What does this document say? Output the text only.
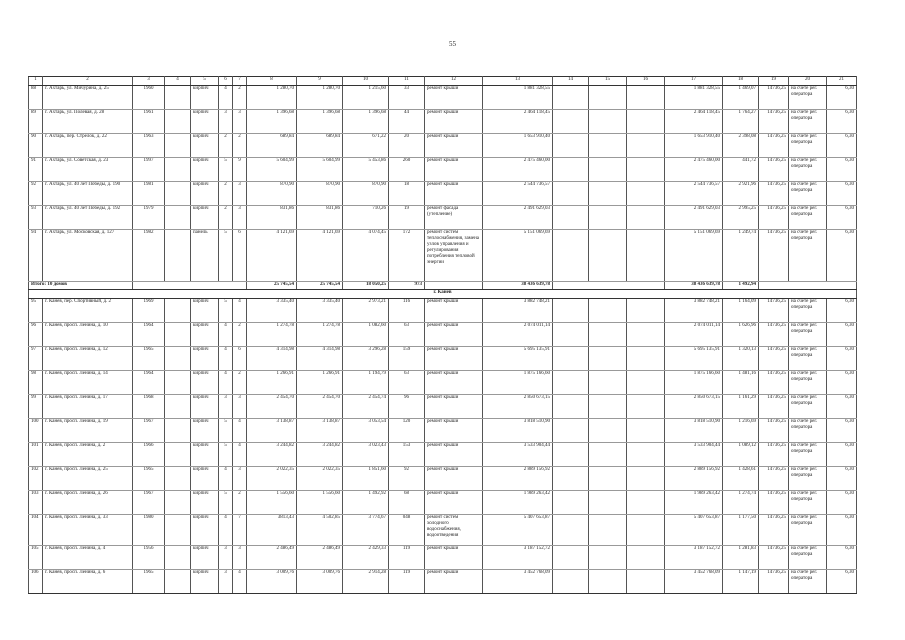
55
1	2	3	4	5	6	7	8	9	10	11	12	13	14	15	16	17	18	19	20	21
88	г. Ахтарь, ул. Мичурина, д. 25	1960		кирпич	4	2	1 280,70	1 280,70	1 215,60	33	ремонт крыши	1 881 328,55				1 881 328,55	1 469,07	14736,25	на счете рег. оператора	6,30
89	г. Ахтарь, ул. Полевая, д. 28	1961		кирпич	3	3	1 396,68	1 396,68	1 396,68	44	ремонт крыши	2 464 118,45				2 464 118,45	1 764,27	14736,25	на счете рег. оператора	6,30
90	г. Ахтарь, пер. Стрелок, д. 22	1963		кирпич	2	2	689,84	689,84	671,22	20	ремонт крыши	1 653 910,40				1 653 910,40	2 398,08	14736,25	на счете рег. оператора	6,30
91	г. Ахтарь, ул. Советская, д. 23	1997		кирпич	5	9	5 604,99	5 604,99	5 453,86	260	ремонт крыши	2 475 460,00				2 475 460,00	441,72	14736,25	на счете рег. оператора	6,30
92	г. Ахтарь, ул. 40 лет Победы, д. 190	1981		кирпич	2	3	870,90	870,90	870,90	18	ремонт крыши	2 544 736,57				2 544 736,57	2 921,96	14736,25	на счете рег. оператора	6,30
93	г. Ахтарь, ул. 40 лет Победы, д. 192	1979		кирпич	2	3	831,86	831,86	710,26	19	ремонт фасада (утепление)	2 491 629,03				2 491 629,03	2 995,25	14736,25	на счете рег. оператора	6,30
94	г. Ахтарь, ул. Московская, д. 127	1982		панель	5	6	4 121,69	4 121,69	4 074,45	172	ремонт систем теплоснабжения, замена узлов управления и регулирования потребления тепловой энергии	5 151 069,69				5 151 069,69	1 249,74	14736,25	на счете рег. оператора	6,30
Итого: 10 домов							25 745,54	25 745,54	18 050,25	973		38 436 639,78				38 436 639,78	1 492,94			
г. Канев																				
95	г. Канев, пер. Спортивный, д. 2	1969		кирпич	5	4	3 335,40	3 335,40	2 973,21	116	ремонт крыши	3 882 748,21				3 882 748,21	1 164,09	14736,25	на счете рег. оператора	6,30
96	г. Канев, просп. Ленина, д. 10	1964		кирпич	4	2	1 274,78	1 274,78	1 082,60	63	ремонт крыши	2 074 011,14				2 074 011,14	1 626,96	14736,25	на счете рег. оператора	6,30
97	г. Канев, просп. Ленина, д. 12	1965		кирпич	4	6	4 314,98	4 314,98	3 296,28	159	ремонт крыши	5 695 135,91				5 695 135,91	1 320,13	14736,25	на счете рег. оператора	6,30
98	г. Канев, просп. Ленина, д. 14	1964		кирпич	4	2	1 266,91	1 266,91	1 194,79	63	ремонт крыши	1 875 166,60				1 875 166,60	1 481,16	14736,25	на счете рег. оператора	6,30
99	г. Канев, просп. Ленина, д. 17	1968		кирпич	3	3	2 454,70	2 454,70	2 454,74	96	ремонт крыши	2 850 673,15				2 850 673,15	1 161,29	14736,25	на счете рег. оператора	6,30
100	г. Канев, просп. Ленина, д. 19	1967		кирпич	5	4	3 138,87	3 138,87	3 053,54	120	ремонт крыши	3 818 510,90				3 818 510,90	1 216,69	14736,25	на счете рег. оператора	6,30
101	г. Канев, просп. Ленина, д. 2	1966		кирпич	5	4	3 244,82	3 244,82	3 023,43	153	ремонт крыши	3 533 904,44				3 533 904,44	1 089,12	14736,25	на счете рег. оператора	6,30
102	г. Канев, просп. Ленина, д. 25	1965		кирпич	4	3	2 022,35	2 022,35	1 851,60	92	ремонт крыши	2 889 156,92				2 889 156,92	1 428,61	14736,25	на счете рег. оператора	6,30
103	г. Канев, просп. Ленина, д. 26	1967		кирпич	5	2	1 556,60	1 556,60	1 492,92	68	ремонт крыши	1 989 263,42				1 989 263,42	1 274,74	14736,25	на счете рег. оператора	6,30
104	г. Канев, просп. Ленина, д. 33	1980		кирпич	4	7	3813,43	4 502,85	3 774,67	048	ремонт систем холодного водоснабжения, водоотведения	5 407 653,87				5 407 653,87	1 177,50	14736,25	на счете рег. оператора	6,30
105	г. Канев, просп. Ленина, д. 4	1956		кирпич	3	3	2 486,49	2 486,49	2 429,33	119	ремонт крыши	3 187 152,72				3 187 152,72	1 281,83	14736,25	на счете рег. оператора	6,30
106	г. Канев, просп. Ленина, д. 6	1965		кирпич	3	4	3 009,76	3 009,76	2 914,28	119	ремонт крыши	3 452 768,09				3 452 768,09	1 147,19	14736,25	на счете рег. оператора	6,30
